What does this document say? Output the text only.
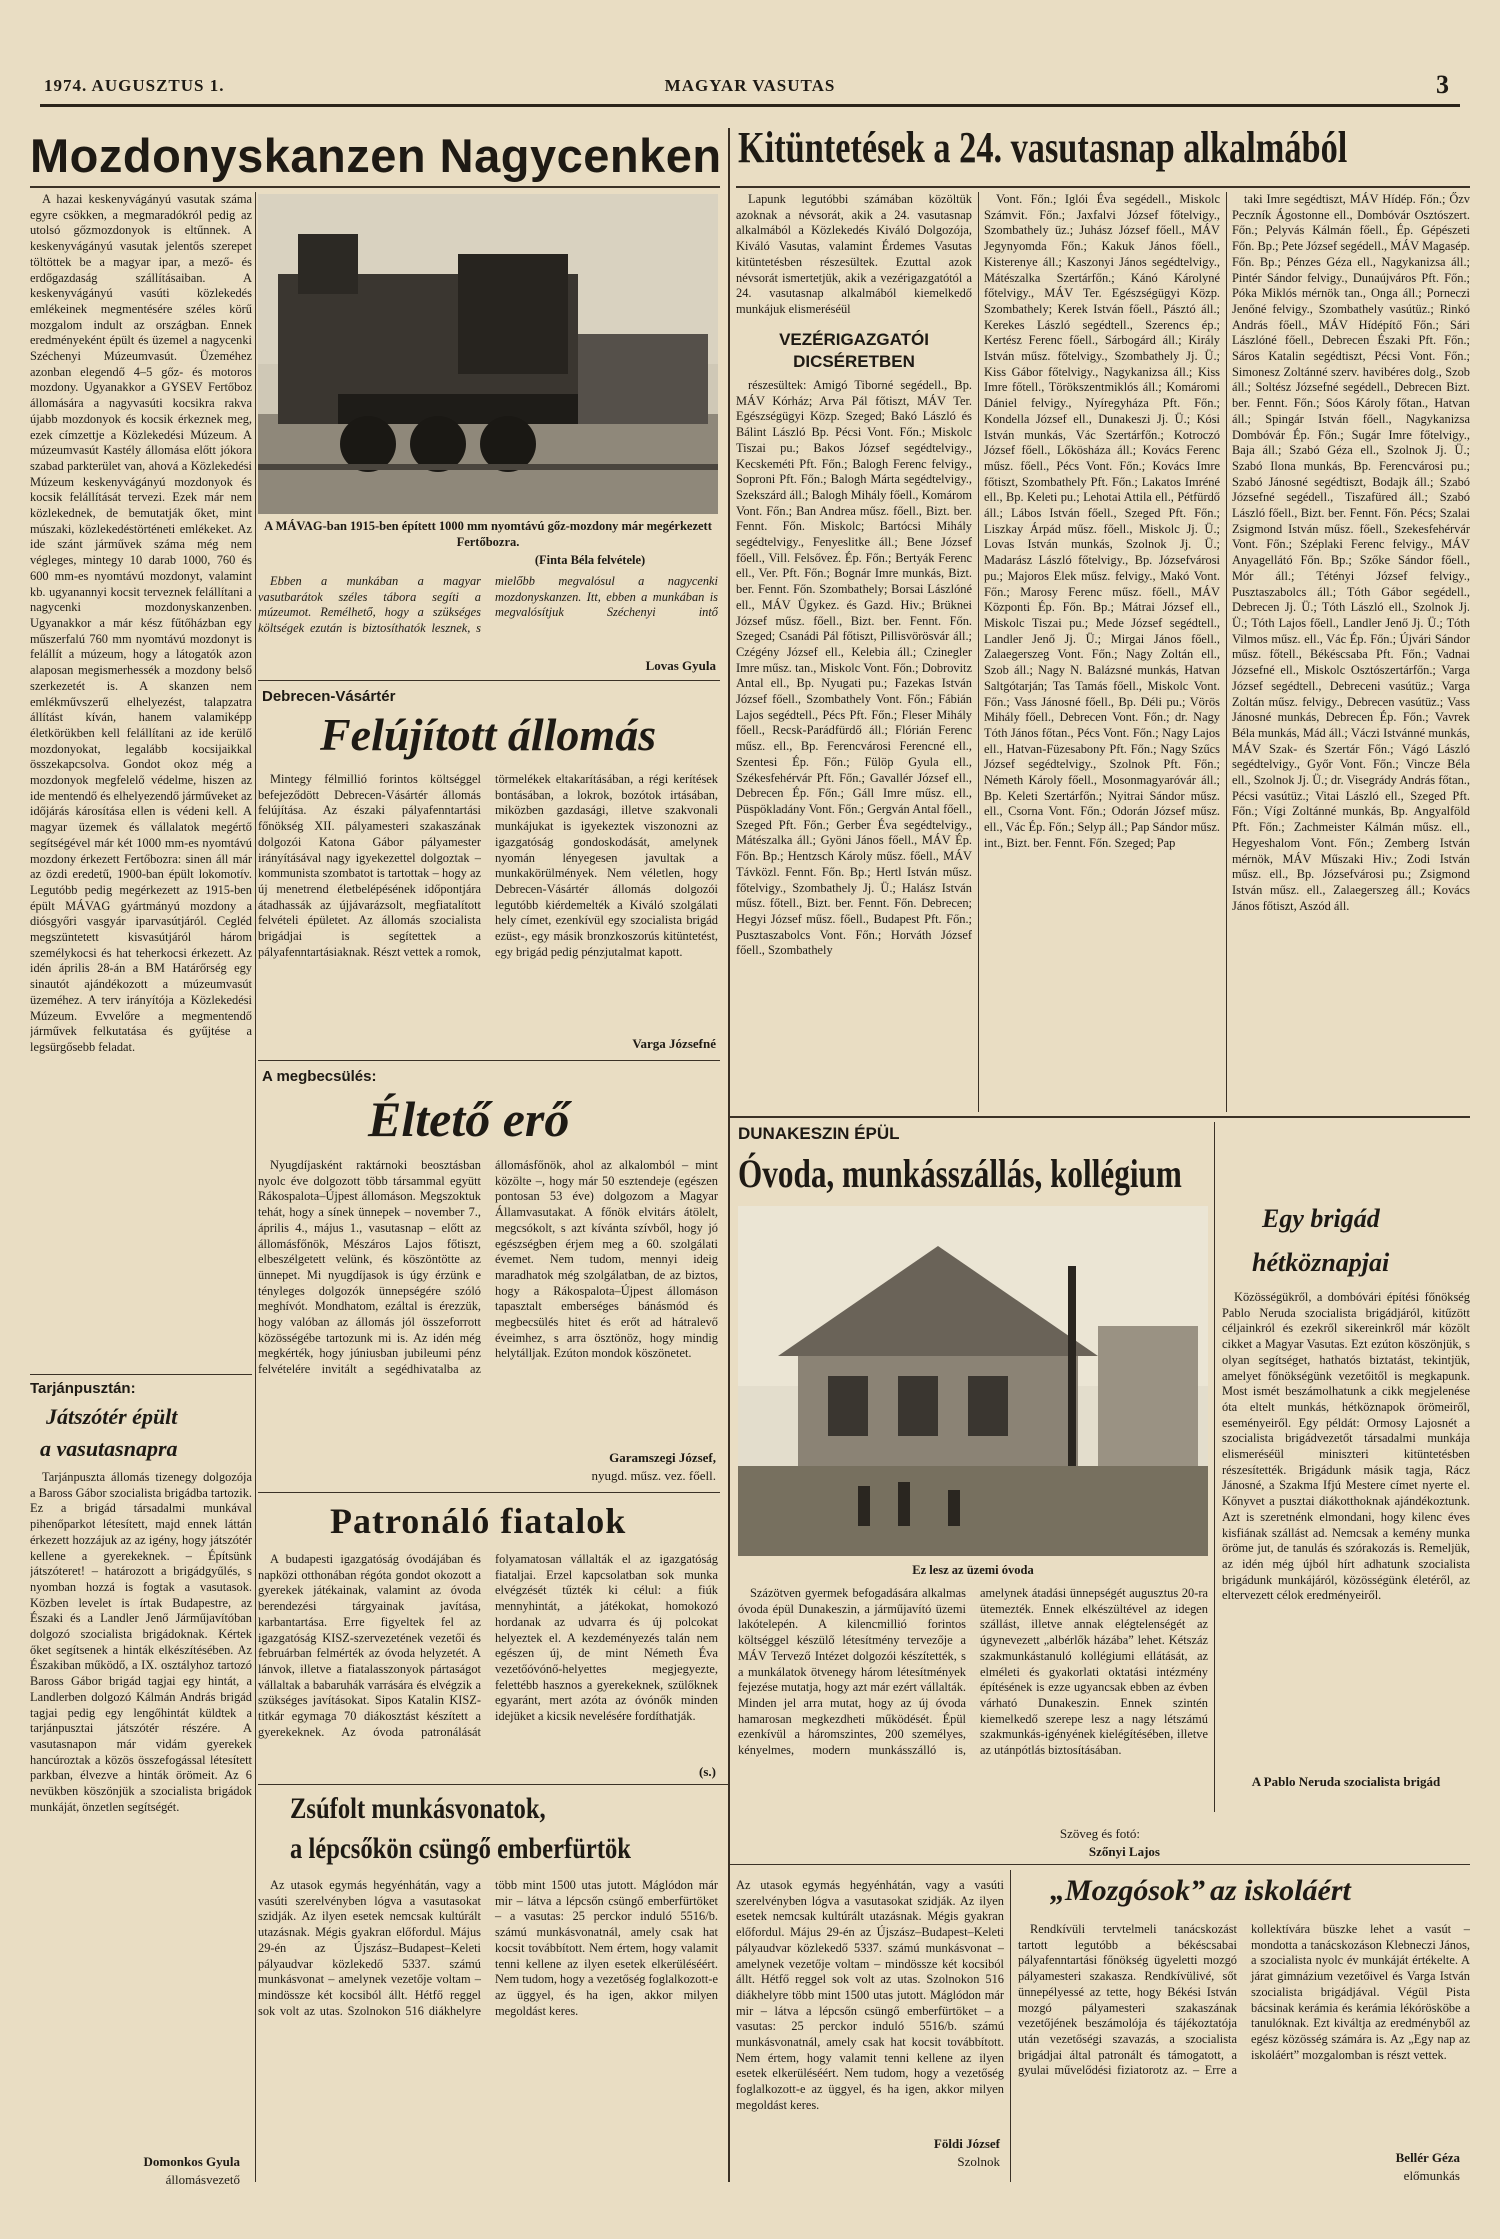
1974. AUGUSZTUS 1.	MAGYAR VASUTAS	3
Mozdonyskanzen Nagycenken Kitüntetések a 24. vasutasnap alkalmából

A hazai keskenyvágányú vasutak száma egyre csökken, a megmaradókról pedig az utolsó gőzmozdonyok is eltűnnek. A keskenyvágányú vasutak jelentős szerepet töltöttek be a magyar ipar, a mező- és erdőgazdaság szállításaiban. A keskenyvágányú vasúti közlekedés emlékeinek megmentésére széles körű mozgalom indult az országban. Ennek eredményeként épült és üzemel a nagycenki Széchenyi Múzeumvasút. Üzeméhez azonban elegendő 4–5 gőz- és motoros mozdony. Ugyanakkor a GYSEV Fertőboz állomására a nagyvasúti kocsikra rakva újabb mozdonyok és kocsik érkeznek meg, ezek címzettje a Közlekedési Múzeum. A múzeumvasút Kastély állomása előtt jókora szabad parkterület van, ahová a Közlekedési Múzeum keskenyvágányú mozdonyok és kocsik felállítását tervezi. Ezek már nem közlekednek, de bemutatják őket, mint múszaki, közlekedéstörténeti emlékeket. Az ide szánt járművek száma még nem végleges, mintegy 10 darab 1000, 760 és 600 mm-es nyomtávú mozdonyt, valamint kb. ugyanannyi kocsit terveznek felállítani a nagycenki mozdonyskanzenben. Ugyanakkor a már kész fűtőházban egy műszerfalú 760 mm nyomtávú mozdonyt is felállít a múzeum, hogy a látogatók azon alaposan megismerhessék a mozdony belső szerkezetét is. A skanzen nem emlékművszerű elhelyezést, talapzatra állítást kíván, hanem valamiképp életkörükben kell felállítani az ide kerülő mozdonyokat, legalább kocsijaikkal összekapcsolva. Gondot okoz még a mozdonyok megfelelő védelme, hiszen az ide mentendő és elhelyezendő járműveket az időjárás károsítása ellen is védeni kell. A magyar üzemek és vállalatok megértő segítségével már két 1000 mm-es nyomtávú mozdony érkezett Fertőbozra: sinen áll már az özdi eredetű, 1900-ban épült lokomotív. Legutóbb pedig megérkezett az 1915-ben épült MÁVAG gyártmányú mozdony a diósgyőri vasgyár iparvasútjáról. Cegléd megszüntetett kisvasútjáról három személykocsi és hat teherkocsi érkezett. Az idén április 28-án a BM Határőrség egy sinautót ajándékozott a múzeumvasút üzeméhez. A terv irányítója a Közlekedési Múzeum. Evvelőre a megmentendő járművek felkutatása és gyűjtése a legsürgősebb feladat.

A MÁVAG-ban 1915-ben épített 1000 mm nyomtávú gőz-mozdony már megérkezett Fertőbozra.
(Finta Béla felvétele)

Ebben a munkában a magyar vasutbarátok széles tábora segíti a múzeumot. Remélhető, hogy a szükséges költségek ezután is biztosíthatók lesznek, s mielőbb megvalósul a nagycenki mozdonyskanzen. Itt, ebben a munkában is megvalósítjuk Széchenyi intő

Lovas Gyula
Debrecen-Vásártér
Felújított állomás

Mintegy félmillió forintos költséggel befejeződött Debrecen-Vásártér állomás felújítása. Az északi pályafenntartási főnökség XII. pályamesteri szakaszának dolgozói Katona Gábor pályamester irányításával nagy igyekezettel dolgoztak – kommunista szombatot is tartottak – hogy az új menetrend életbelépésének időpontjára átadhassák az újjávarázsolt, megfiatalított felvételi épületet. Az állomás szocialista brigádjai is segítettek a pályafenntartásiaknak. Részt vettek a romok, törmelékek eltakarításában, a régi kerítések bontásában, a lokrok, bozótok irtásában, miközben gazdasági, illetve szakvonali munkájukat is igyekeztek viszonozni az igazgatóság gondoskodását, amelynek nyomán lényegesen javultak a munkakörülmények. Nem véletlen, hogy Debrecen-Vásártér állomás dolgozói legutóbb kiérdemelték a Kiváló szolgálati hely címet, ezenkívül egy szocialista brigád ezüst-, egy másik bronzkoszorús kitüntetést, egy brigád pedig pénzjutalmat kapott.

Varga Józsefné
A megbecsülés:
Éltető erő

Nyugdíjasként raktárnoki beosztásban nyolc éve dolgozott több társammal együtt Rákospalota–Újpest állomáson. Megszoktuk tehát, hogy a sínek ünnepek – november 7., április 4., május 1., vasutasnap – előtt az állomásfőnök, Mészáros Lajos főtiszt, elbeszélgetett velünk, és köszöntötte az ünnepet. Mi nyugdíjasok is úgy érzünk e tényleges dolgozók ünnepségére szóló meghívót. Mondhatom, ezáltal is érezzük, hogy valóban az állomás jól összeforrott közösségébe tartozunk mi is. Az idén még megkérték, hogy júniusban jubileumi pénz felvételére invitált a segédhivatalba az állomásfőnök, ahol az alkalomból – mint közölte –, hogy már 50 esztendeje (egészen pontosan 53 éve) dolgozom a Magyar Államvasutakat. A főnök elvitárs átölelt, megcsókolt, s azt kívánta szívből, hogy jó egészségben érjem meg a 60. szolgálati évemet. Nem tudom, mennyi ideig maradhatok még szolgálatban, de az biztos, hogy a Rákospalota–Újpest állomáson tapasztalt emberséges bánásmód és megbecsülés hitet és erőt ad hátralevő éveimhez, s arra ösztönöz, hogy mindig helytálljak. Ezúton mondok köszönetet.

Garamszegi József,
nyugd. műsz. vez. főell.
Patronáló fiatalok

A budapesti igazgatóság óvodájában és napközi otthonában régóta gondot okozott a gyerekek játékainak, valamint az óvoda berendezési tárgyainak javítása, karbantartása. Erre figyeltek fel az igazgatóság KISZ-szervezetének vezetői és februárban felmérték az óvoda helyzetét. A lánvok, illetve a fiatalasszonyok pártaságot vállaltak a babaruhák varrására és elvégzik a szükséges javításokat. Sipos Katalin KISZ-titkár egymaga 70 diákosztást készített a gyerekeknek. Az óvoda patronálását folyamatosan vállalták el az igazgatóság fiataljai. Erzel kapcsolatban sok munka elvégzését tűzték ki célul: a fiúk mennyhintát, a játékokat, homokozó hordanak az udvarra és új polcokat helyeztek el. A kezdeményezés talán nem egészen új, de mint Németh Éva vezetőóvónő-helyettes megjegyezte, felettébb hasznos a gyerekeknek, szülőknek egyaránt, mert azóta az óvónők minden idejüket a kicsik nevelésére fordíthatják.

(s.)
Tarjánpusztán:
Játszótér épült
a vasutasnapra

Tarjánpuszta állomás tizenegy dolgozója a Baross Gábor szocialista brigádba tartozik. Ez a brigád társadalmi munkával pihenőparkot létesített, majd ennek láttán érkezett hozzájuk az az igény, hogy játszótér kellene a gyerekeknek. – Építsünk játszóteret! – határozott a brigádgyűlés, s nyomban hozzá is fogtak a vasutasok. Közben levelet is írtak Budapestre, az Északi és a Landler Jenő Járműjavítóban dolgozó szocialista brigádoknak. Kértek őket segítsenek a hinták elkészítésében. Az Északiban működő, a IX. osztályhoz tartozó Baross Gábor brigád tagjai egy hintát, a Landlerben dolgozó Kálmán András brigád tagjai pedig egy lengőhintát küldtek a tarjánpusztai játszótér részére. A vasutasnapon már vidám gyerekek hancúroztak a közös összefogással létesített parkban, élvezve a hinták örömeit. Az 6 nevükben köszönjük a szocialista brigádok munkáját, önzetlen segítségét.

Domonkos Gyula
állomásvezető
Zsúfolt munkásvonatok,
a lépcsőkön csüngő emberfürtök

Az utasok egymás hegyénhátán, vagy a vasúti szerelvényben lógva a vasutasokat szidják. Az ilyen esetek nemcsak kultúrált utazásnak. Mégis gyakran előfordul. Május 29-én az Újszász–Budapest–Keleti pályaudvar közlekedő 5337. számú munkásvonat – amelynek vezetője voltam – mindössze két kocsiból állt. Hétfő reggel sok volt az utas. Szolnokon 516 diákhelyre több mint 1500 utas jutott. Máglódon már mir – látva a lépcsőn csüngő emberfürtöket – a vasutas: 25 perckor induló 5516/b. számú munkásvonatnál, amely csak hat kocsit továbbított. Nem értem, hogy valamit tenni kellene az ilyen esetek elkerüléséért. Nem tudom, hogy a vezetőség foglalkozott-e az üggyel, és ha igen, akkor milyen megoldást keres.

Lapunk legutóbbi számában közöltük azoknak a névsorát, akik a 24. vasutasnap alkalmából a Közlekedés Kiváló Dolgozója, Kiváló Vasutas, valamint Érdemes Vasutas kitüntetésben részesültek. Ezuttal azok névsorát ismertetjük, akik a vezérigazgatótól a 24. vasutasnap alkalmából kiemelkedő munkájuk elismeréséül

VEZÉRIGAZGATÓI
DICSÉRETBEN

részesültek: Amigó Tiborné segédell., Bp. MÁV Kórház; Arva Pál főtiszt, MÁV Ter. Egészségügyi Közp. Szeged; Bakó László és Bálint László Bp. Pécsi Vont. Főn.; Miskolc Tiszai pu.; Bakos József segédtelvigy., Kecskeméti Pft. Főn.; Balogh Ferenc felvigy., Soproni Pft. Főn.; Balogh Márta segédtelvigy., Szekszárd áll.; Balogh Mihály főell., Komárom Vont. Főn.; Ban Andrea műsz. főell., Bizt. ber. Fennt. Főn. Miskolc; Bartócsi Mihály segédtelvigy., Fenyeslitke áll.; Bene József főell., Vill. Felsővez. Ép. Főn.; Bertyák Ferenc ell., Ver. Pft. Főn.; Bognár Imre munkás, Bizt. ber. Fennt. Főn. Szombathely; Borsai Lászlóné ell., MÁV Ügykez. és Gazd. Hiv.; Brüknei József műsz. főell., Bizt. ber. Fennt. Főn. Szeged; Csanádi Pál főtiszt, Pillisvörösvár áll.; Czégény József ell., Kelebia áll.; Czinegler Imre műsz. tan., Miskolc Vont. Főn.; Dobrovitz Antal ell., Bp. Nyugati pu.; Fazekas István József főell., Szombathely Vont. Főn.; Fábián Lajos segédtell., Pécs Pft. Főn.; Fleser Mihály főell., Recsk-Parádfürdő áll.; Flórián Ferenc műsz. ell., Bp. Ferencvárosi Ferencné ell., Szentesi Ép. Főn.; Fülöp Gyula ell., Székesfehérvár Pft. Főn.; Gavallér József ell., Debrecen Ép. Főn.; Gáll Imre műsz. ell., Püspökladány Vont. Főn.; Gergván Antal főell., Szeged Pft. Főn.; Gerber Éva segédtelvigy., Mátészalka áll.; Gyöni János főell., MÁV Ép. Főn. Bp.; Hentzsch Károly műsz. főell., MÁV Távközl. Fennt. Főn. Bp.; Hertl István műsz. főtelvigy., Szombathely Jj. Ü.; Halász István műsz. főtell., Bizt. ber. Fennt. Főn. Debrecen; Hegyi József műsz. főell., Budapest Pft. Főn.; Pusztaszabolcs Vont. Főn.; Horváth József főell., Szombathely

Vont. Főn.; Iglói Éva segédell., Miskolc Számvit. Főn.; Jaxfalvi József főtelvigy., Szombathely üz.; Juhász József főell., MÁV Jegynyomda Főn.; Kakuk János főell., Kisterenye áll.; Kaszonyi János segédtelvigy., Mátészalka Szertárfőn.; Kánó Károlyné főtelvigy., MÁV Ter. Egészségügyi Közp. Szombathely; Kerek István főell., Pásztó áll.; Kerekes László segédtell., Szerencs ép.; Kertész Ferenc főell., Sárbogárd áll.; Király István műsz. főtelvigy., Szombathely Jj. Ü.; Kiss Gábor főtelvigy., Nagykanizsa áll.; Kiss Imre főtell., Törökszentmiklós áll.; Komáromi Dániel felvigy., Nyíregyháza Pft. Főn.; Kondella József ell., Dunakeszi Jj. Ü.; Kósi István munkás, Vác Szertárfőn.; Kotroczó József főell., Lőkösháza áll.; Kovács Ferenc műsz. főell., Pécs Vont. Főn.; Kovács Imre főtiszt, Szombathely Pft. Főn.; Lakatos Imréné ell., Bp. Keleti pu.; Lehotai Attila ell., Pétfürdő áll.; Lábos István főell., Szeged Pft. Főn.; Liszkay Árpád műsz. főell., Miskolc Jj. Ü.; Lovas István munkás, Szolnok Jj. Ü.; Madarász László főtelvigy., Bp. Józsefvárosi pu.; Majoros Elek műsz. felvigy., Makó Vont. Főn.; Marosy Ferenc műsz. főell., MÁV Központi Ép. Főn. Bp.; Mátrai József ell., Miskolc Tiszai pu.; Mede József segédtell., Landler Jenő Jj. Ü.; Mirgai János főell., Zalaegerszeg Vont. Főn.; Nagy Zoltán ell., Szob áll.; Nagy N. Balázsné munkás, Hatvan Saltgótarján; Tas Tamás főell., Miskolc Vont. Főn.; Vass Jánosné főell., Bp. Déli pu.; Vörös Mihály főell., Debrecen Vont. Főn.; dr. Nagy Tóth János főtan., Pécs Vont. Főn.; Nagy Lajos ell., Hatvan-Füzesabony Pft. Főn.; Nagy Szűcs József segédtelvigy., Szolnok Pft. Főn.; Németh Károly főell., Mosonmagyaróvár áll.; Bp. Keleti Szertárfőn.; Nyitrai Sándor műsz. ell., Csorna Vont. Főn.; Odorán József műsz. ell., Vác Ép. Főn.; Selyp áll.; Pap Sándor műsz. int., Bizt. ber. Fennt. Főn. Szeged; Pap

taki Imre segédtiszt, MÁV Hídép. Főn.; Őzv Peczník Ágostonne ell., Dombóvár Osztószert. Főn.; Pelyvás Kálmán főell., Ép. Gépészeti Főn. Bp.; Pete József segédell., MÁV Magasép. Főn. Bp.; Pénzes Géza ell., Nagykanizsa áll.; Pintér Sándor felvigy., Dunaújváros Pft. Főn.; Póka Miklós mérnök tan., Onga áll.; Porneczi Jenőné felvigy., Szombathely vasútüz.; Rinkó András főell., MÁV Hídépítő Főn.; Sári Lászlóné főell., Debrecen Északi Pft. Főn.; Sáros Katalin segédtiszt, Pécsi Vont. Főn.; Simonesz Zoltánné szerv. havibéres dolg., Szob áll.; Soltész Józsefné segédell., Debrecen Bizt. ber. Fennt. Főn.; Sóos Károly főtan., Hatvan áll.; Spingár István főell., Nagykanizsa Dombóvár Ép. Főn.; Sugár Imre főtelvigy., Baja áll.; Szabó Géza ell., Szolnok Jj. Ü.; Szabó Ilona munkás, Bp. Ferencvárosi pu.; Szabó Jánosné segédtiszt, Bodajk áll.; Szabó Józsefné segédell., Tiszafüred áll.; Szabó László főell., Bizt. ber. Fennt. Főn. Pécs; Szalai Zsigmond István műsz. főell., Szekesfehérvár Vont. Főn.; Széplaki Ferenc felvigy., MÁV Anyagellátó Főn. Bp.; Szőke Sándor főell., Mór áll.; Tétényi József felvigy., Pusztaszabolcs áll.; Tóth Gábor segédell., Debrecen Jj. Ü.; Tóth László ell., Szolnok Jj. Ü.; Tóth Lajos főell., Landler Jenő Jj. Ü.; Tóth Vilmos műsz. ell., Vác Ép. Főn.; Újvári Sándor műsz. főtell., Békéscsaba Pft. Főn.; Vadnai Józsefné ell., Miskolc Osztószertárfőn.; Varga József segédtell., Debreceni vasútüz.; Varga Zoltán műsz. felvigy., Debrecen vasútüz.; Vass Jánosné munkás, Debrecen Ép. Főn.; Vavrek Béla munkás, Mád áll.; Váczi Istvánné munkás, MÁV Szak- és Szertár Főn.; Vágó László segédtelvigy., Győr Vont. Főn.; Vincze Béla ell., Szolnok Jj. Ü.; dr. Visegrády András főtan., Pécsi vasútüz.; Vitai László ell., Szeged Pft. Főn.; Vígi Zoltánné munkás, Bp. Angyalföld Pft. Főn.; Zachmeister Kálmán műsz. ell., Hegyeshalom Vont. Főn.; Zemberg István mérnök, MÁV Műszaki Hiv.; Zodi István műsz. ell., Bp. Józsefvárosi pu.; Zsigmond István műsz. ell., Zalaegerszeg áll.; Kovács János főtiszt, Aszód áll.

DUNAKESZIN ÉPÜL
Óvoda, munkásszállás, kollégium
Ez lesz az üzemi óvoda

Százötven gyermek befogadására alkalmas óvoda épül Dunakeszin, a járműjavító üzemi lakótelepén. A kilencmillió forintos költséggel készülő létesítmény tervezője a MÁV Tervező Intézet dolgozói készítették, s a munkálatok ötvenegy három létesítmények fejezése mutatja, hogy azt már ezért vállalták. Minden jel arra mutat, hogy az új óvoda hamarosan megkezdheti működését. Épül ezenkívül a háromszintes, 200 személyes, kényelmes, modern munkásszálló is, amelynek átadási ünnepségét augusztus 20-ra ütemezték. Ennek elkészültével az idegen szállást, illetve annak elégtelenségét az úgynevezett „albérlők házába” lehet. Kétszáz szakmunkástanuló kollégiumi ellátását, az elméleti és gyakorlati oktatási intézmény építésének is ezze ugyancsak ebben az évben várható Dunakeszin. Ennek szintén kiemelkedő szerepe lesz a nagy létszámú szakmunkás-igényének kielégítésében, illetve az utánpótlás biztosításában.

Szöveg és fotó:
Szőnyi Lajos
Egy brigád
hétköznapjai

Közösségükről, a dombóvári építési főnökség Pablo Neruda szocialista brigádjáról, kitűzött céljainkról és ezekről sikereinkről már közölt cikket a Magyar Vasutas. Ezt ezúton köszönjük, s olyan segítséget, hathatós biztatást, tekintjük, amelyet főnökségünk vezetőitől is megkapunk. Most ismét beszámolhatunk a cikk megjelenése óta eltelt munkás, hétköznapok örömeiről, eseményeiről. Egy példát: Ormosy Lajosnét a szocialista brigádvezetőt társadalmi munkája elismeréséül miniszteri kitüntetésben részesítették. Brigádunk másik tagja, Rácz Jánosné, a Szakma Ifjú Mestere címet nyerte el. Kőnyvet a pusztai diákotthoknak ajándékoztunk. Azt is szeretnénk elmondani, hogy kilenc éves kisfiának szállást ad. Nemcsak a kemény munka öröme jut, de tanulás és szórakozás is. Remeljük, az idén még újból hírt adhatunk szocialista brigádunk munkájáról, közösségünk életéről, az eltervezett célok eredményeiről.

A Pablo Neruda szocialista brigád
„Mozgósok” az iskoláért

Rendkívüli tervtelmeli tanácskozást tartott legutóbb a békéscsabai pályafenntartási főnökség ügyeletti mozgó pályamesteri szakasza. Rendkívülivé, sőt ünnepélyessé az tette, hogy Békési István mozgó pályamesteri szakaszának vezetőjének beszámolója és tájékoztatója után vezetőségi szavazás, a szocialista brigádjai által patronált és támogatott, a gyulai művelődési fiziatorotz az. – Erre a kollektívára büszke lehet a vasút – mondotta a tanácskozáson Klebneczi János, a szocialista nyolc év munkáját értékelte. A járat gimnázium vezetőivel és Varga István szocialista brigádjával. Végül Pista bácsinak kerámia és kerámia lékórösköbe a tanulóknak. Ezt kiváltja az eredményből az egész közösség számára is. Az „Egy nap az iskoláért” mozgalomban is részt vettek.

Bellér Géza
előmunkás

Az utasok egymás hegyénhátán, vagy a vasúti szerelvényben lógva a vasutasokat szidják. Az ilyen esetek nemcsak kultúrált utazásnak. Mégis gyakran előfordul. Május 29-én az Újszász–Budapest–Keleti pályaudvar közlekedő 5337. számú munkásvonat – amelynek vezetője voltam – mindössze két kocsiból állt. Hétfő reggel sok volt az utas. Szolnokon 516 diákhelyre több mint 1500 utas jutott. Máglódon már mir – látva a lépcsőn csüngő emberfürtöket – a vasutas: 25 perckor induló 5516/b. számú munkásvonatnál, amely csak hat kocsit továbbított. Nem értem, hogy valamit tenni kellene az ilyen esetek elkerüléséért. Nem tudom, hogy a vezetőség foglalkozott-e az üggyel, és ha igen, akkor milyen megoldást keres.

Földi József
Szolnok
